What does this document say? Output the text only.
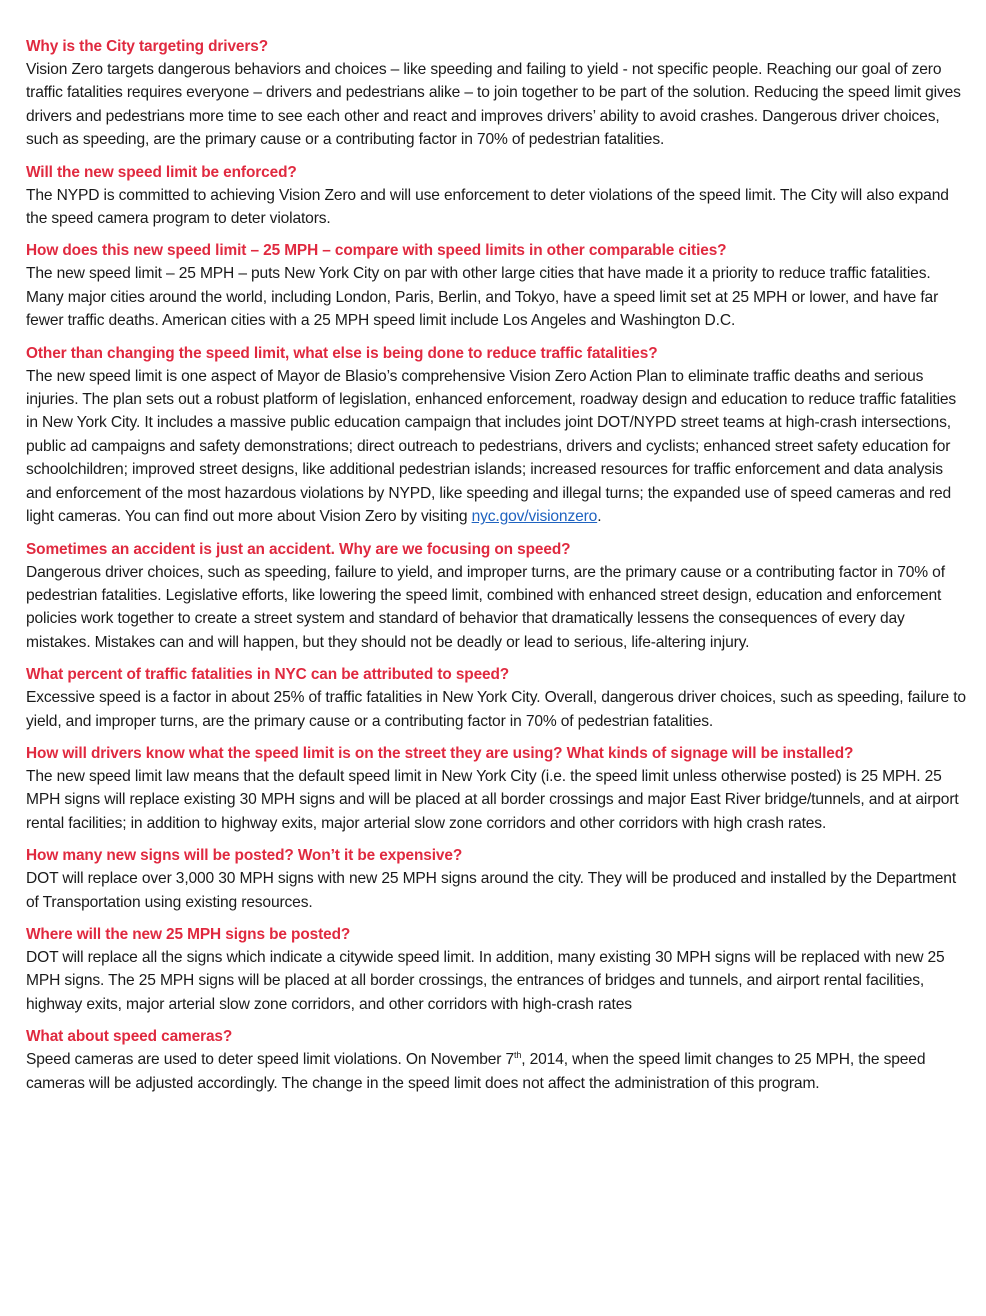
Why is the City targeting drivers?

Vision Zero targets dangerous behaviors and choices – like speeding and failing to yield - not specific people. Reaching our goal of zero traffic fatalities requires everyone – drivers and pedestrians alike – to join together to be part of the solution. Reducing the speed limit gives drivers and pedestrians more time to see each other and react and improves drivers’ ability to avoid crashes. Dangerous driver choices, such as speeding, are the primary cause or a contributing factor in 70% of pedestrian fatalities.

Will the new speed limit be enforced?

The NYPD is committed to achieving Vision Zero and will use enforcement to deter violations of the speed limit. The City will also expand the speed camera program to deter violators.

How does this new speed limit – 25 MPH – compare with speed limits in other comparable cities?

The new speed limit – 25 MPH – puts New York City on par with other large cities that have made it a priority to reduce traffic fatalities. Many major cities around the world, including London, Paris, Berlin, and Tokyo, have a speed limit set at 25 MPH or lower, and have far fewer traffic deaths. American cities with a 25 MPH speed limit include Los Angeles and Washington D.C.

Other than changing the speed limit, what else is being done to reduce traffic fatalities?

The new speed limit is one aspect of Mayor de Blasio’s comprehensive Vision Zero Action Plan to eliminate traffic deaths and serious injuries. The plan sets out a robust platform of legislation, enhanced enforcement, roadway design and education to reduce traffic fatalities in New York City. It includes a massive public education campaign that includes joint DOT/NYPD street teams at high-crash intersections, public ad campaigns and safety demonstrations; direct outreach to pedestrians, drivers and cyclists; enhanced street safety education for schoolchildren; improved street designs, like additional pedestrian islands; increased resources for traffic enforcement and data analysis and enforcement of the most hazardous violations by NYPD, like speeding and illegal turns; the expanded use of speed cameras and red light cameras. You can find out more about Vision Zero by visiting nyc.gov/visionzero.

Sometimes an accident is just an accident. Why are we focusing on speed?

Dangerous driver choices, such as speeding, failure to yield, and improper turns, are the primary cause or a contributing factor in 70% of pedestrian fatalities. Legislative efforts, like lowering the speed limit, combined with enhanced street design, education and enforcement policies work together to create a street system and standard of behavior that dramatically lessens the consequences of every day mistakes. Mistakes can and will happen, but they should not be deadly or lead to serious, life-altering injury.

What percent of traffic fatalities in NYC can be attributed to speed?

Excessive speed is a factor in about 25% of traffic fatalities in New York City. Overall, dangerous driver choices, such as speeding, failure to yield, and improper turns, are the primary cause or a contributing factor in 70% of pedestrian fatalities.

How will drivers know what the speed limit is on the street they are using? What kinds of signage will be installed?

The new speed limit law means that the default speed limit in New York City (i.e. the speed limit unless otherwise posted) is 25 MPH. 25 MPH signs will replace existing 30 MPH signs and will be placed at all border crossings and major East River bridge/tunnels, and at airport rental facilities; in addition to highway exits, major arterial slow zone corridors and other corridors with high crash rates.

How many new signs will be posted? Won’t it be expensive?

DOT will replace over 3,000 30 MPH signs with new 25 MPH signs around the city. They will be produced and installed by the Department of Transportation using existing resources.

Where will the new 25 MPH signs be posted?

DOT will replace all the signs which indicate a citywide speed limit. In addition, many existing 30 MPH signs will be replaced with new 25 MPH signs. The 25 MPH signs will be placed at all border crossings, the entrances of bridges and tunnels, and airport rental facilities, highway exits, major arterial slow zone corridors, and other corridors with high-crash rates

What about speed cameras?

Speed cameras are used to deter speed limit violations. On November 7th, 2014, when the speed limit changes to 25 MPH, the speed cameras will be adjusted accordingly. The change in the speed limit does not affect the administration of this program.
